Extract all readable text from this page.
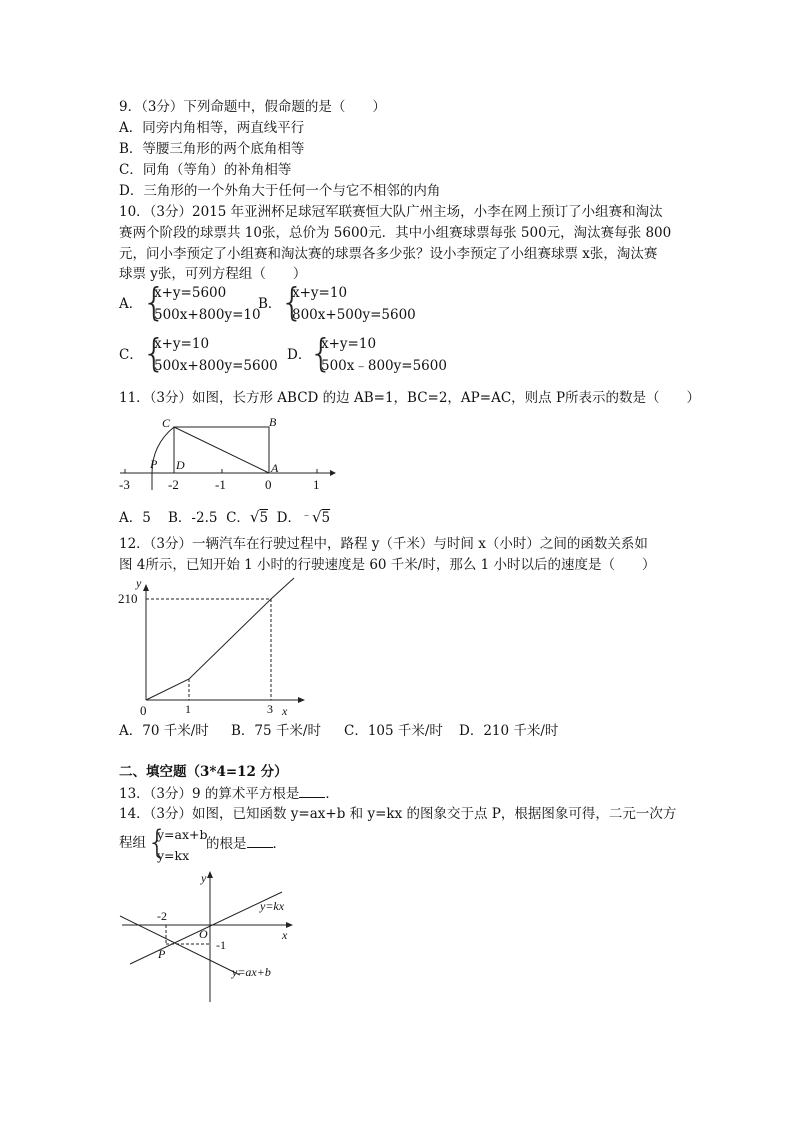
9．（3分）下列命题中，假命题的是（　　）
A．同旁内角相等，两直线平行
B．等腰三角形的两个底角相等
C．同角（等角）的补角相等
D．三角形的一个外角大于任何一个与它不相邻的内角
10．（3分）2015 年亚洲杯足球冠军联赛恒大队广州主场，小李在网上预订了小组赛和淘汰
赛两个阶段的球票共 10张，总价为 5600元．其中小组赛球票每张 500元，淘汰赛每张 800
元，问小李预定了小组赛和淘汰赛的球票各多少张？设小李预定了小组赛球票 x张，淘汰赛
球票 y张，可列方程组（　　）
A． {
x+y=5600
500x+800y=10
B．
{
x+y=10
800x+500y=5600
C． {
x+y=10
500x+800y=5600
D．
{
x+y=10
500x﹣800y=5600
11．（3分）如图，长方形 ABCD 的边 AB=1，BC=2，AP=AC，则点 P所表示的数是（　　）
C	B
P D	A
-3	-2	-1	0	1
A．5 B．-2.5 C．√5 D．﹣√5
12．（3分）一辆汽车在行驶过程中，路程 y（千米）与时间 x（小时）之间的函数关系如
图 4所示，已知开始 1 小时的行驶速度是 60 千米/时，那么 1 小时以后的速度是（　　）
y
x
210
0	1	3
A．70 千米/时 B．75 千米/时 C．105 千米/时 D．210 千米/时
二、填空题（3*4=12 分）
13．（3分）9 的算术平方根是 ．
14．（3分）如图，已知函数 y=ax+b 和 y=kx 的图象交于点 P，根据图象可得，二元一次方
程组 {
y=ax+b
y=kx
的根是 ．
y
x
O
y=kx
y=ax+b
-2
-1
P
